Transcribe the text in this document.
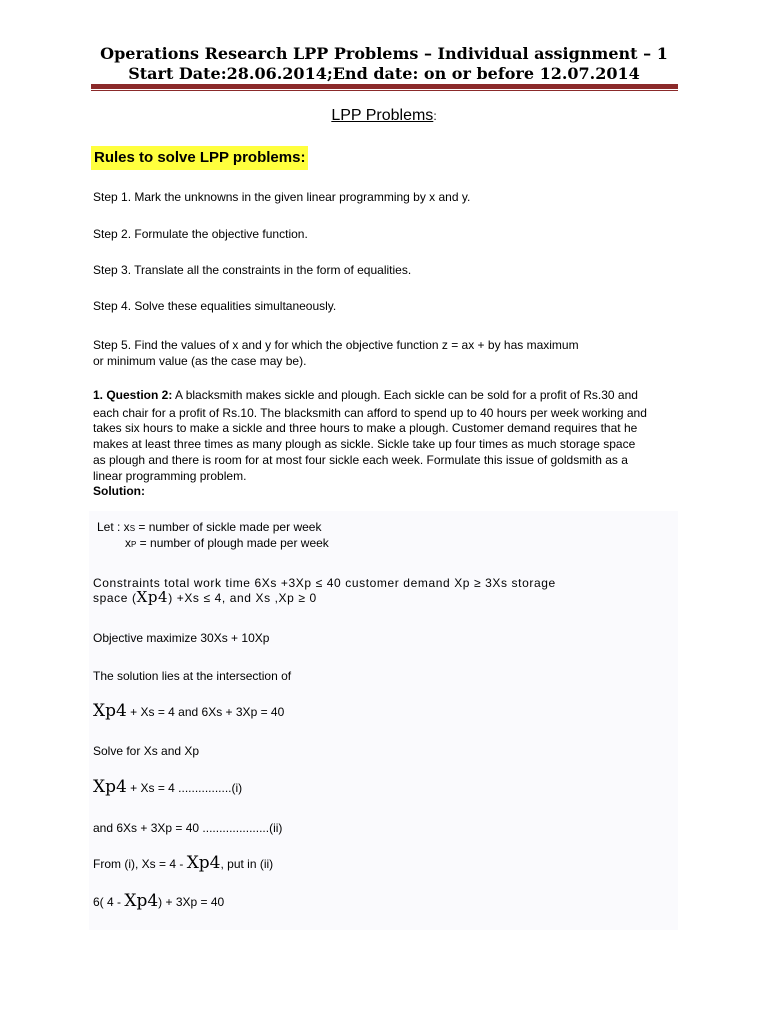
Operations Research LPP Problems – Individual assignment – 1
Start Date:28.06.2014;End date: on or before 12.07.2014
LPP Problems:
Rules to solve LPP problems:
Step 1. Mark the unknowns in the given linear programming by x and y.
Step 2. Formulate the objective function.
Step 3. Translate all the constraints in the form of equalities.
Step 4. Solve these equalities simultaneously.
Step 5. Find the values of x and y for which the objective function z = ax + by has maximum
or minimum value (as the case may be).
1. Question 2: A blacksmith makes sickle and plough. Each sickle can be sold for a profit of Rs.30 and
each chair for a profit of Rs.10. The blacksmith can afford to spend up to 40 hours per week working and
takes six hours to make a sickle and three hours to make a plough. Customer demand requires that he
makes at least three times as many plough as sickle. Sickle take up four times as much storage space
as plough and there is room for at most four sickle each week. Formulate this issue of goldsmith as a
linear programming problem.
Solution:
Let : xS = number of sickle made per week
xP = number of plough made per week
Constraints total work time 6Xs +3Xp ≤ 40 customer demand Xp ≥ 3Xs storage
space (Xp4) +Xs ≤ 4, and Xs ,Xp ≥ 0
Objective maximize 30Xs + 10Xp
The solution lies at the intersection of
Xp4 + Xs = 4 and 6Xs + 3Xp = 40
Solve for Xs and Xp
Xp4 + Xs = 4 ................(i)
and 6Xs + 3Xp = 40 ....................(ii)
From (i), Xs = 4 - Xp4, put in (ii)
6( 4 - Xp4) + 3Xp = 40
